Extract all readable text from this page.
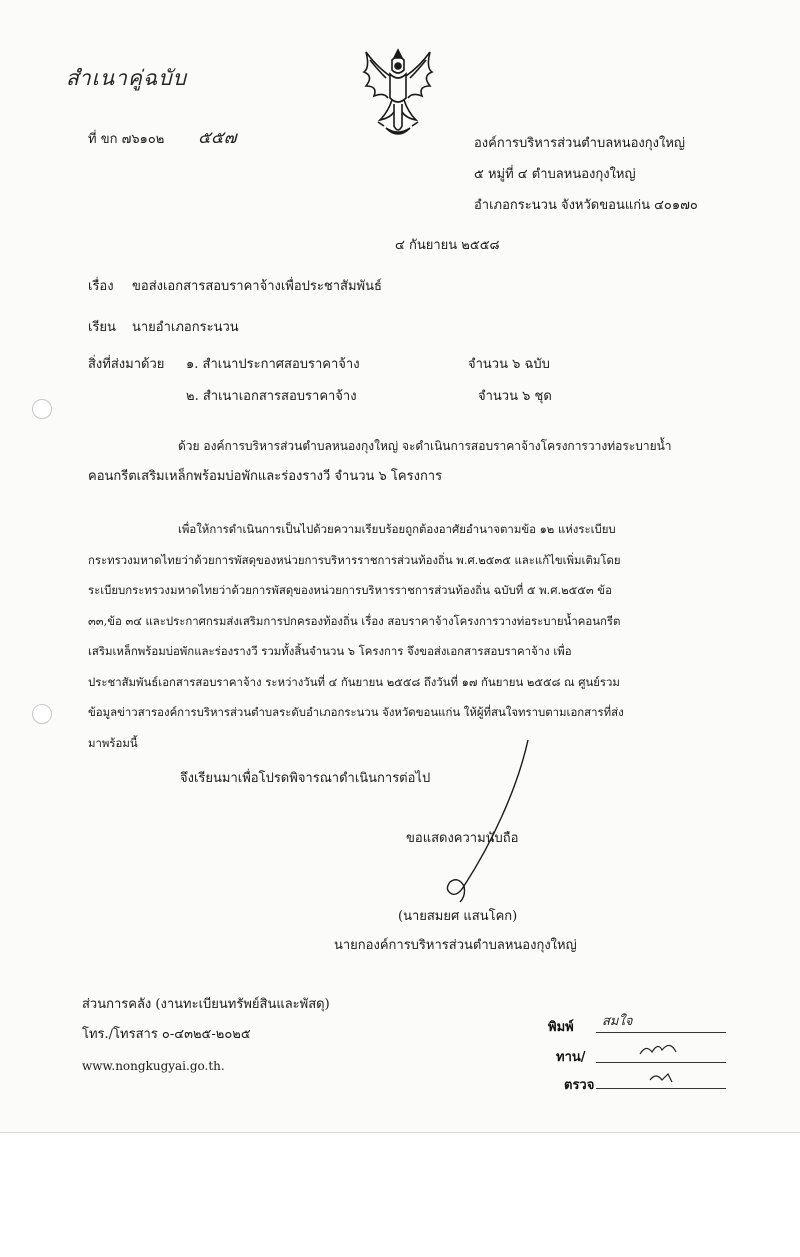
สำเนาคู่ฉบับ
ที่ ขก ๗๖๑๐๒ ๕๕๗	องค์การบริหารส่วนตำบลหนองกุงใหญ่
๕ หมู่ที่ ๔ ตำบลหนองกุงใหญ่
อำเภอกระนวน จังหวัดขอนแก่น ๔๐๑๗๐
๔ กันยายน ๒๕๕๘
เรื่อง ขอส่งเอกสารสอบราคาจ้างเพื่อประชาสัมพันธ์
เรียน นายอำเภอกระนวน
สิ่งที่ส่งมาด้วย ๑. สำเนาประกาศสอบราคาจ้าง	จำนวน ๖ ฉบับ
๒. สำเนาเอกสารสอบราคาจ้าง	จำนวน ๖ ชุด
ด้วย องค์การบริหารส่วนตำบลหนองกุงใหญ่ จะดำเนินการสอบราคาจ้างโครงการวางท่อระบายน้ำ
คอนกรีตเสริมเหล็กพร้อมบ่อพักและร่องรางวี จำนวน ๖ โครงการ
เพื่อให้การดำเนินการเป็นไปด้วยความเรียบร้อยถูกต้องอาศัยอำนาจตามข้อ ๑๒ แห่งระเบียบ
กระทรวงมหาดไทยว่าด้วยการพัสดุของหน่วยการบริหารราชการส่วนท้องถิ่น พ.ศ.๒๕๓๕ และแก้ไขเพิ่มเติมโดย
ระเบียบกระทรวงมหาดไทยว่าด้วยการพัสดุของหน่วยการบริหารราชการส่วนท้องถิ่น ฉบับที่ ๕ พ.ศ.๒๕๕๓ ข้อ
๓๓,ข้อ ๓๔ และประกาศกรมส่งเสริมการปกครองท้องถิ่น เรื่อง สอบราคาจ้างโครงการวางท่อระบายน้ำคอนกรีต
เสริมเหล็กพร้อมบ่อพักและร่องรางวี รวมทั้งสิ้นจำนวน ๖ โครงการ จึงขอส่งเอกสารสอบราคาจ้าง เพื่อ
ประชาสัมพันธ์เอกสารสอบราคาจ้าง ระหว่างวันที่ ๔ กันยายน ๒๕๕๘ ถึงวันที่ ๑๗ กันยายน ๒๕๕๘ ณ ศูนย์รวม
ข้อมูลข่าวสารองค์การบริหารส่วนตำบลระดับอำเภอกระนวน จังหวัดขอนแก่น ให้ผู้ที่สนใจทราบตามเอกสารที่ส่ง
มาพร้อมนี้
จึงเรียนมาเพื่อโปรดพิจารณาดำเนินการต่อไป
ขอแสดงความนับถือ
(นายสมยศ แสนโคก)
นายกองค์การบริหารส่วนตำบลหนองกุงใหญ่
ส่วนการคลัง (งานทะเบียนทรัพย์สินและพัสดุ)
โทร./โทรสาร ๐-๔๓๒๕-๒๐๒๕
www.nongkugyai.go.th.
พิมพ์ สมใจ
ทาน/
ตรวจ
